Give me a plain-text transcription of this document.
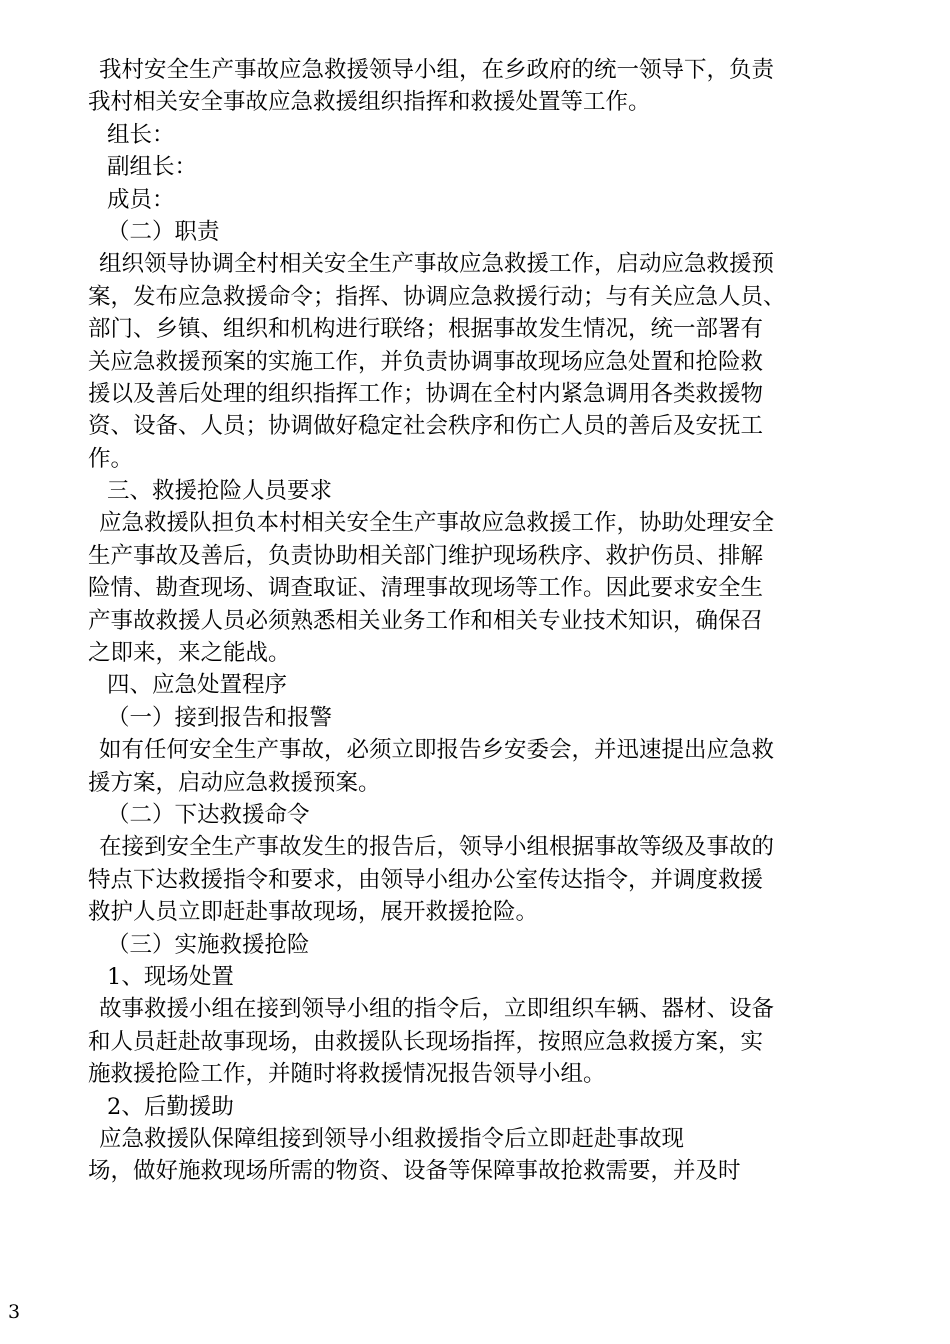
我村安全生产事故应急救援领导小组，在乡政府的统一领导下，负责
我村相关安全事故应急救援组织指挥和救援处置等工作。
组长：
副组长：
成员：
（二）职责
组织领导协调全村相关安全生产事故应急救援工作，启动应急救援预
案，发布应急救援命令；指挥、协调应急救援行动；与有关应急人员、
部门、乡镇、组织和机构进行联络；根据事故发生情况，统一部署有
关应急救援预案的实施工作，并负责协调事故现场应急处置和抢险救
援以及善后处理的组织指挥工作；协调在全村内紧急调用各类救援物
资、设备、人员；协调做好稳定社会秩序和伤亡人员的善后及安抚工
作。
三、救援抢险人员要求
应急救援队担负本村相关安全生产事故应急救援工作，协助处理安全
生产事故及善后，负责协助相关部门维护现场秩序、救护伤员、排解
险情、勘查现场、调查取证、清理事故现场等工作。因此要求安全生
产事故救援人员必须熟悉相关业务工作和相关专业技术知识，确保召
之即来，来之能战。
四、应急处置程序
（一）接到报告和报警
如有任何安全生产事故，必须立即报告乡安委会，并迅速提出应急救
援方案，启动应急救援预案。
（二）下达救援命令
在接到安全生产事故发生的报告后，领导小组根据事故等级及事故的
特点下达救援指令和要求，由领导小组办公室传达指令，并调度救援
救护人员立即赶赴事故现场，展开救援抢险。
（三）实施救援抢险
1、现场处置
故事救援小组在接到领导小组的指令后，立即组织车辆、器材、设备
和人员赶赴故事现场，由救援队长现场指挥，按照应急救援方案，实
施救援抢险工作，并随时将救援情况报告领导小组。
2、后勤援助
应急救援队保障组接到领导小组救援指令后立即赶赴事故现
场，做好施救现场所需的物资、设备等保障事故抢救需要，并及时
3
